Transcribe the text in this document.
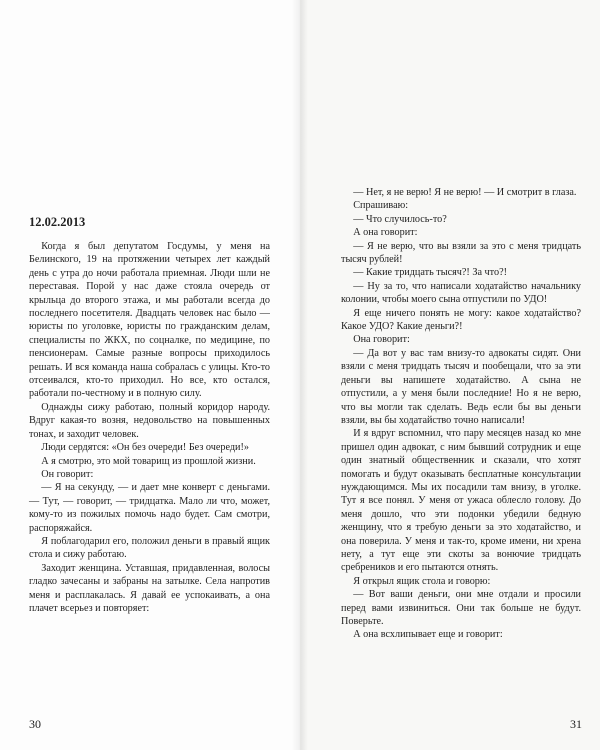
12.02.2013

Когда я был депутатом Госдумы, у меня на Белинского, 19 на протяжении четырех лет каждый день с утра до ночи работала приемная. Люди шли не переставая. Порой у нас даже стояла очередь от крыльца до второго этажа, и мы работали всегда до последнего посетителя. Двадцать человек нас было — юристы по уголовке, юристы по гражданским делам, специалисты по ЖКХ, по соцналке, по медицине, по пенсионерам. Самые разные вопросы приходилось решать. И вся команда наша собралась с улицы. Кто-то отсеивался, кто-то приходил. Но все, кто остался, работали по-честному и в полную силу.

Однажды сижу работаю, полный коридор народу. Вдруг какая-то возня, недовольство на повышенных тонах, и заходит человек.

Люди сердятся: «Он без очереди! Без очереди!»

А я смотрю, это мой товарищ из прошлой жизни.

Он говорит:

— Я на секунду, — и дает мне конверт с деньгами. — Тут, — говорит, — тридцатка. Мало ли что, может, кому-то из пожилых помочь надо будет. Сам смотри, распоряжайся.

Я поблагодарил его, положил деньги в правый ящик стола и сижу работаю.

Заходит женщина. Уставшая, придавленная, волосы гладко зачесаны и забраны на затылке. Села напротив меня и расплакалась. Я давай ее успокаивать, а она плачет всерьез и повторяет:

30

— Нет, я не верю! Я не верю! — И смотрит в глаза.

Спрашиваю:

— Что случилось-то?

А она говорит:

— Я не верю, что вы взяли за это с меня тридцать тысяч рублей!

— Какие тридцать тысяч?! За что?!

— Ну за то, что написали ходатайство начальнику колонии, чтобы моего сына отпустили по УДО!

Я еще ничего понять не могу: какое ходатайство? Какое УДО? Какие деньги?!

Она говорит:

— Да вот у вас там внизу-то адвокаты сидят. Они взяли с меня тридцать тысяч и пообещали, что за эти деньги вы напишете ходатайство. А сына не отпустили, а у меня были последние! Но я не верю, что вы могли так сделать. Ведь если бы вы деньги взяли, вы бы ходатайство точно написали!

И я вдруг вспомнил, что пару месяцев назад ко мне пришел один адвокат, с ним бывший сотрудник и еще один знатный общественник и сказали, что хотят помогать и будут оказывать бесплатные консультации нуждающимся. Мы их посадили там внизу, в уголке. Тут я все понял. У меня от ужаса облесло голову. До меня дошло, что эти подонки убедили бедную женщину, что я требую деньги за это ходатайство, и она поверила. У меня и так-то, кроме имени, ни хрена нету, а тут еще эти скоты за вонючие тридцать сребреников и его пытаются отнять.

Я открыл ящик стола и говорю:

— Вот ваши деньги, они мне отдали и просили перед вами извиниться. Они так больше не будут. Поверьте.

А она всхлипывает еще и говорит:

31
